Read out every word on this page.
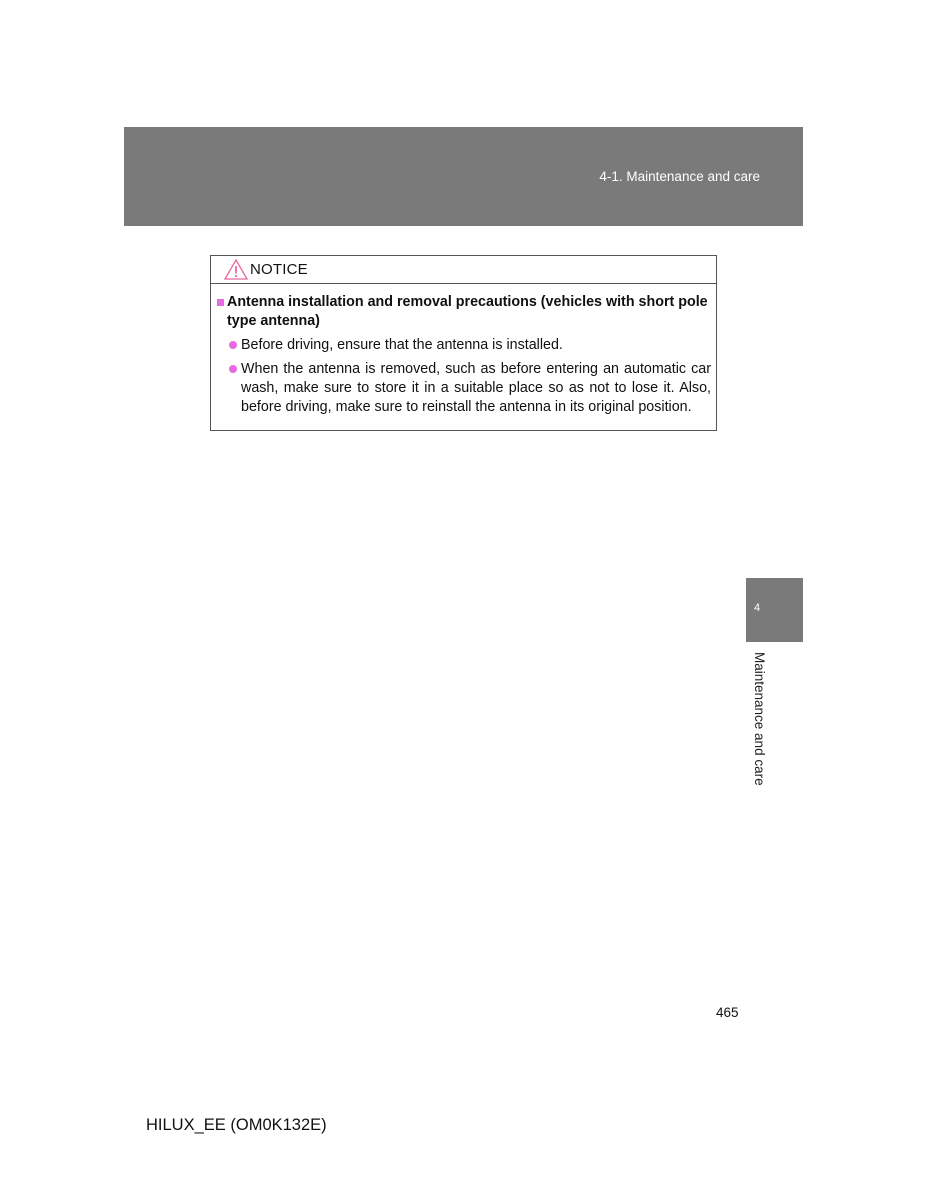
4-1. Maintenance and care
NOTICE
Antenna installation and removal precautions (vehicles with short pole type antenna)
Before driving, ensure that the antenna is installed.
When the antenna is removed, such as before entering an automatic car wash, make sure to store it in a suitable place so as not to lose it. Also, before driving, make sure to reinstall the antenna in its original position.
4
Maintenance and care
465
HILUX_EE (OM0K132E)
